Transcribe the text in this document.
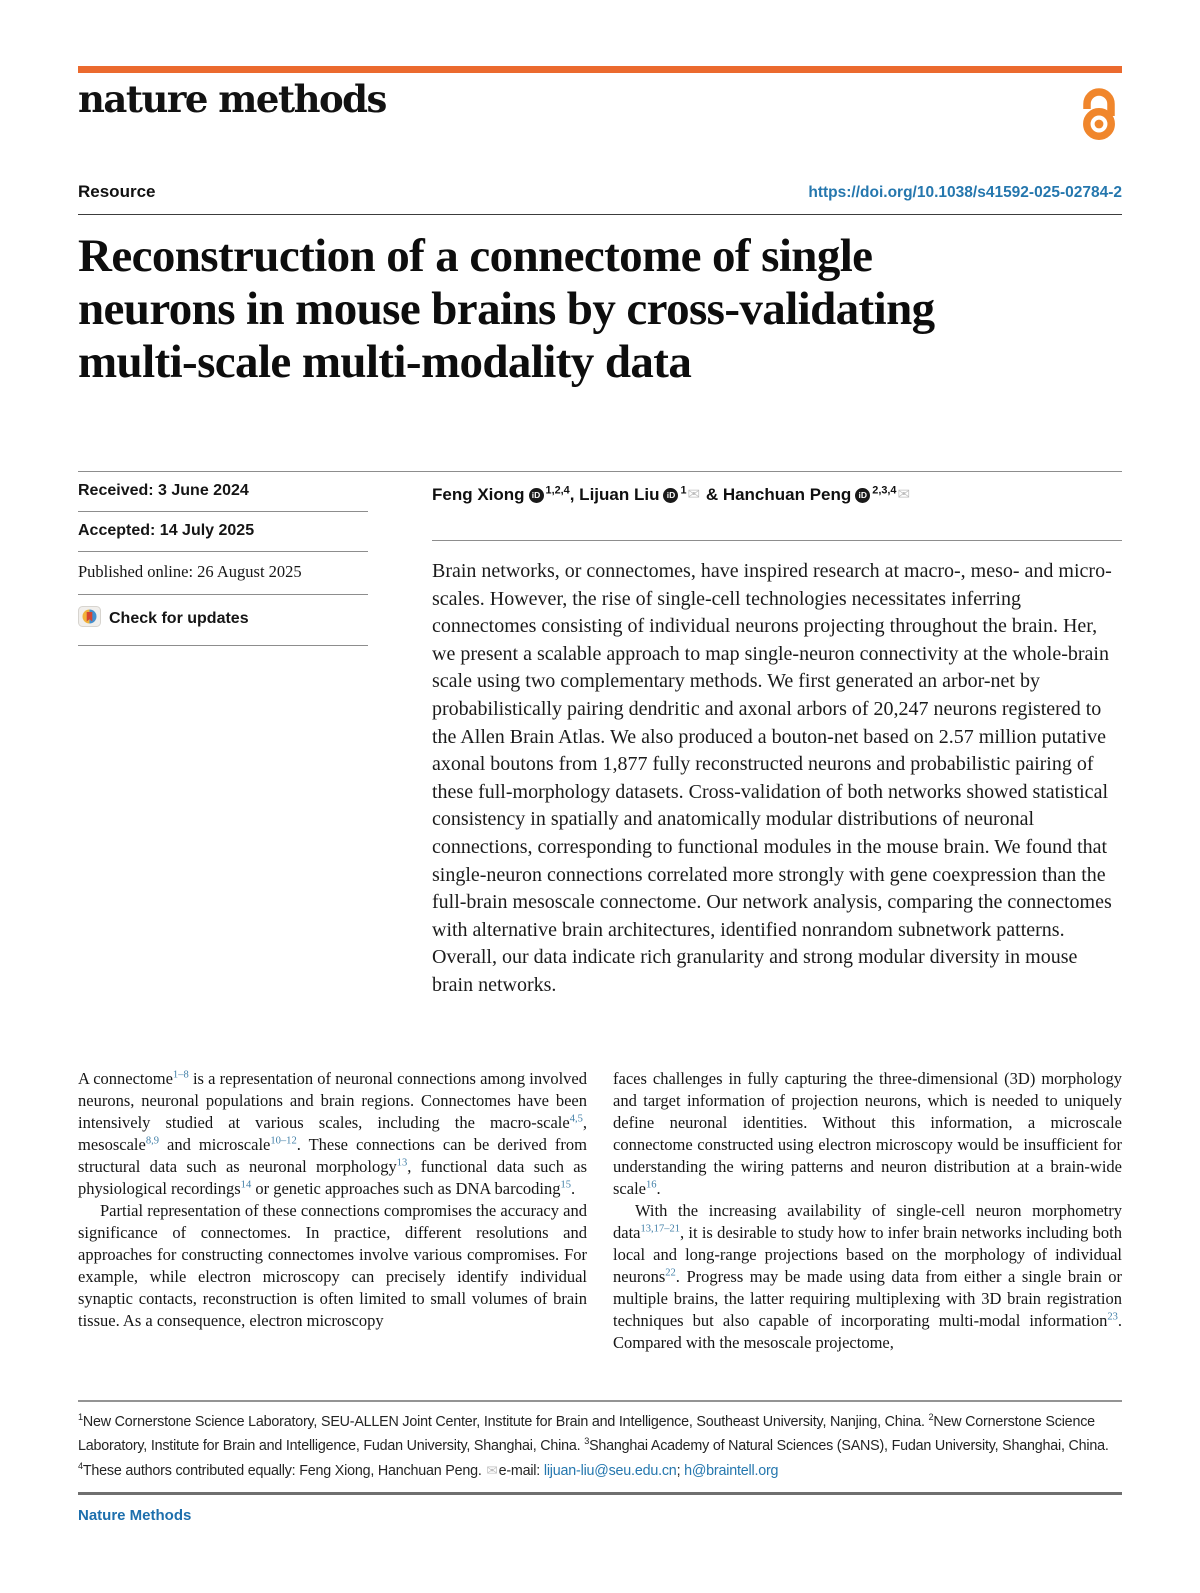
nature methods
Resource	https://doi.org/10.1038/s41592-025-02784-2
Reconstruction of a connectome of single
neurons in mouse brains by cross-validating
multi-scale multi-modality data
Received: 3 June 2024
Accepted: 14 July 2025
Published online: 26 August 2025
Check for updates
Feng Xiong iD $^{1,2,4}$, Lijuan Liu iD $^1$✉ & Hanchuan Peng iD $^{2,3,4}$✉

Brain networks, or connectomes, have inspired research at macro-, meso- and micro-scales. However, the rise of single-cell technologies necessitates inferring connectomes consisting of individual neurons projecting throughout the brain. Her, we present a scalable approach to map single-neuron connectivity at the whole-brain scale using two complementary methods. We first generated an arbor-net by probabilistically pairing dendritic and axonal arbors of 20,247 neurons registered to the Allen Brain Atlas. We also produced a bouton-net based on 2.57 million putative axonal boutons from 1,877 fully reconstructed neurons and probabilistic pairing of these full-morphology datasets. Cross-validation of both networks showed statistical consistency in spatially and anatomically modular distributions of neuronal connections, corresponding to functional modules in the mouse brain. We found that single-neuron connections correlated more strongly with gene coexpression than the full-brain mesoscale connectome. Our network analysis, comparing the connectomes with alternative brain architectures, identified nonrandom subnetwork patterns. Overall, our data indicate rich granularity and strong modular diversity in mouse brain networks.

A connectome$^{1-8}$ is a representation of neuronal connections among involved neurons, neuronal populations and brain regions. Connectomes have been intensively studied at various scales, including the macro-scale$^{4,5}$, mesoscale$^{8,9}$ and microscale$^{10-12}$. These connections can be derived from structural data such as neuronal morphology$^{13}$, functional data such as physiological recordings$^{14}$ or genetic approaches such as DNA barcoding$^{15}$.

Partial representation of these connections compromises the accuracy and significance of connectomes. In practice, different resolutions and approaches for constructing connectomes involve various compromises. For example, while electron microscopy can precisely identify individual synaptic contacts, reconstruction is often limited to small volumes of brain tissue. As a consequence, electron microscopy

faces challenges in fully capturing the three-dimensional (3D) morphology and target information of projection neurons, which is needed to uniquely define neuronal identities. Without this information, a microscale connectome constructed using electron microscopy would be insufficient for understanding the wiring patterns and neuron distribution at a brain-wide scale$^{16}$.

With the increasing availability of single-cell neuron morphometry data$^{13,17-21}$, it is desirable to study how to infer brain networks including both local and long-range projections based on the morphology of individual neurons$^{22}$. Progress may be made using data from either a single brain or multiple brains, the latter requiring multiplexing with 3D brain registration techniques but also capable of incorporating multi-modal information$^{23}$. Compared with the mesoscale projectome,

$^1$New Cornerstone Science Laboratory, SEU-ALLEN Joint Center, Institute for Brain and Intelligence, Southeast University, Nanjing, China. $^2$New Cornerstone Science Laboratory, Institute for Brain and Intelligence, Fudan University, Shanghai, China. $^3$Shanghai Academy of Natural Sciences (SANS), Fudan University, Shanghai, China. $^4$These authors contributed equally: Feng Xiong, Hanchuan Peng. ✉e-mail: lijuan-liu@seu.edu.cn; h@braintell.org
Nature Methods
